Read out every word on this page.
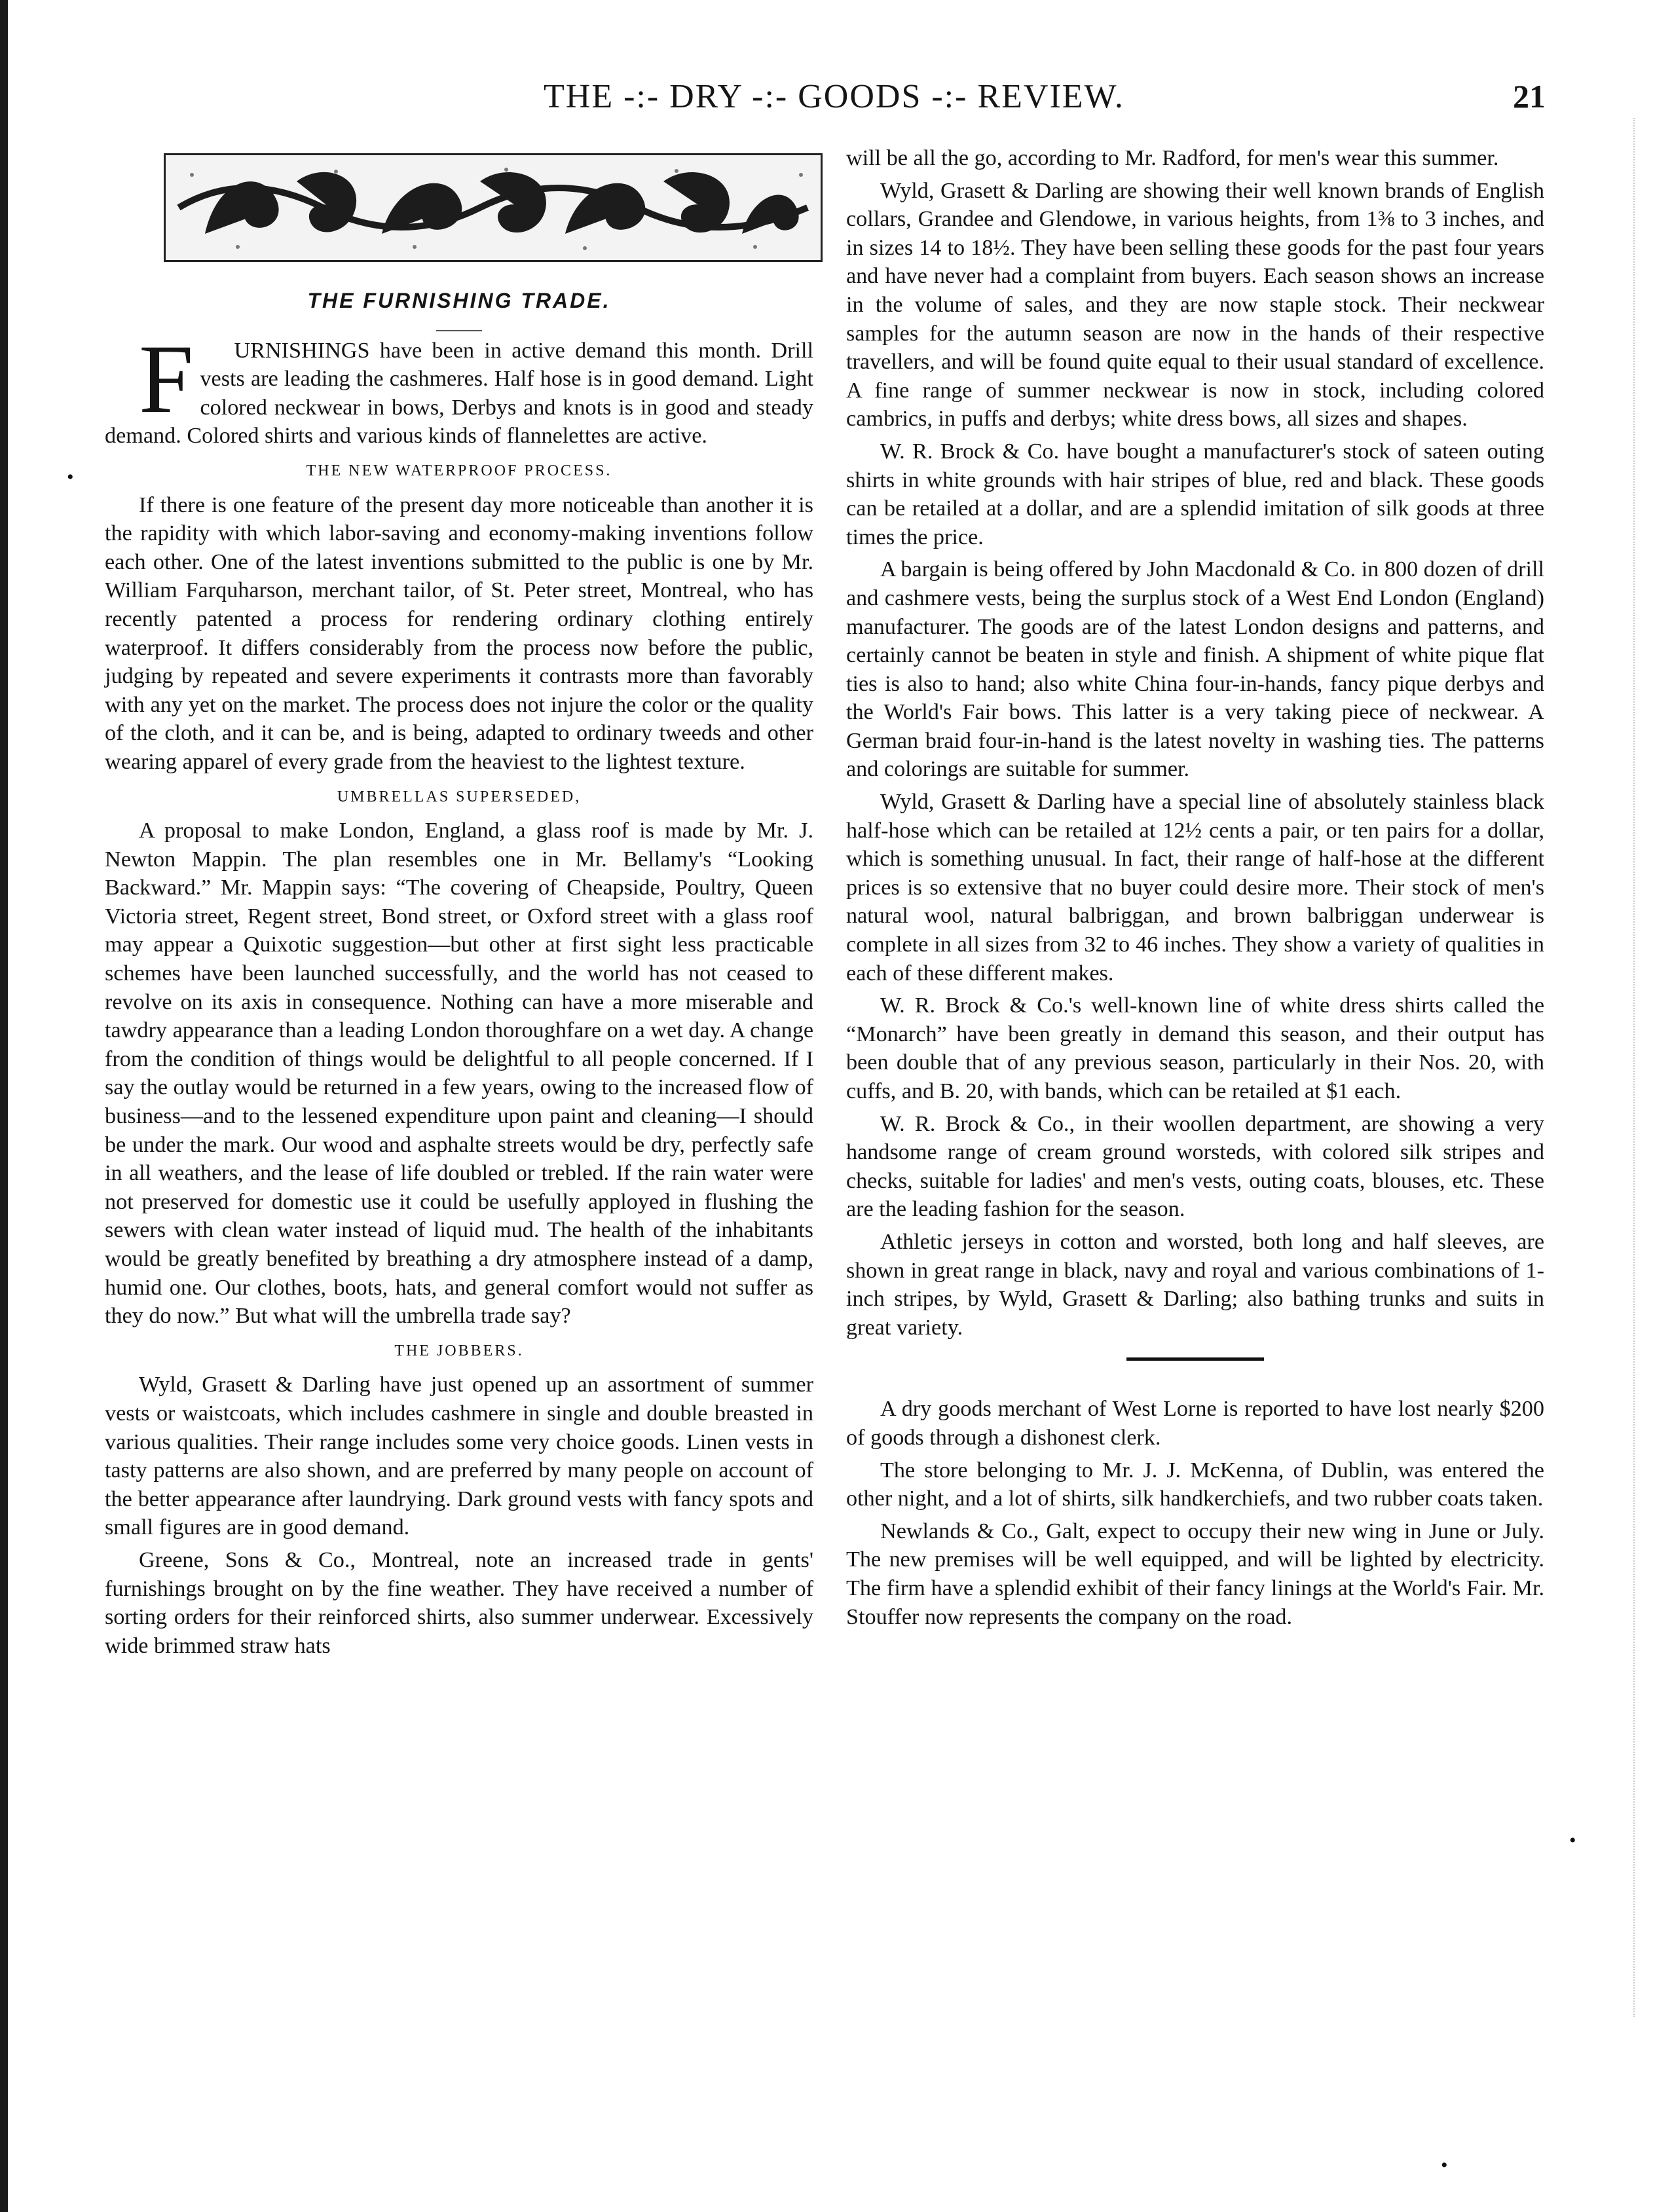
THE -:- DRY -:- GOODS -:- REVIEW.	21
THE FURNISHING TRADE.

F URNISHINGS have been in active demand this month. Drill vests are leading the cashmeres. Half hose is in good demand. Light colored neckwear in bows, Derbys and knots is in good and steady demand. Colored shirts and various kinds of flannelettes are active.

THE NEW WATERPROOF PROCESS.

If there is one feature of the present day more noticeable than another it is the rapidity with which labor-saving and economy-making inventions follow each other. One of the latest inventions submitted to the public is one by Mr. William Farquharson, merchant tailor, of St. Peter street, Montreal, who has recently patented a process for rendering ordinary clothing entirely waterproof. It differs considerably from the process now before the public, judging by repeated and severe experiments it contrasts more than favorably with any yet on the market. The process does not injure the color or the quality of the cloth, and it can be, and is being, adapted to ordinary tweeds and other wearing apparel of every grade from the heaviest to the lightest texture.

UMBRELLAS SUPERSEDED,

A proposal to make London, England, a glass roof is made by Mr. J. Newton Mappin. The plan resembles one in Mr. Bellamy's “Looking Backward.” Mr. Mappin says: “The covering of Cheapside, Poultry, Queen Victoria street, Regent street, Bond street, or Oxford street with a glass roof may appear a Quixotic suggestion—but other at first sight less practicable schemes have been launched successfully, and the world has not ceased to revolve on its axis in consequence. Nothing can have a more miserable and tawdry appearance than a leading London thoroughfare on a wet day. A change from the condition of things would be delightful to all people concerned. If I say the outlay would be returned in a few years, owing to the increased flow of business—and to the lessened expenditure upon paint and cleaning—I should be under the mark. Our wood and asphalte streets would be dry, perfectly safe in all weathers, and the lease of life doubled or trebled. If the rain water were not preserved for domestic use it could be usefully apployed in flushing the sewers with clean water instead of liquid mud. The health of the inhabitants would be greatly benefited by breathing a dry atmosphere instead of a damp, humid one. Our clothes, boots, hats, and general comfort would not suffer as they do now.” But what will the umbrella trade say?

THE JOBBERS.

Wyld, Grasett & Darling have just opened up an assortment of summer vests or waistcoats, which includes cashmere in single and double breasted in various qualities. Their range includes some very choice goods. Linen vests in tasty patterns are also shown, and are preferred by many people on account of the better appearance after laundrying. Dark ground vests with fancy spots and small figures are in good demand.

Greene, Sons & Co., Montreal, note an increased trade in gents' furnishings brought on by the fine weather. They have received a number of sorting orders for their reinforced shirts, also summer underwear. Excessively wide brimmed straw hats

will be all the go, according to Mr. Radford, for men's wear this summer.

Wyld, Grasett & Darling are showing their well known brands of English collars, Grandee and Glendowe, in various heights, from 1⅜ to 3 inches, and in sizes 14 to 18½. They have been selling these goods for the past four years and have never had a complaint from buyers. Each season shows an increase in the volume of sales, and they are now staple stock. Their neckwear samples for the autumn season are now in the hands of their respective travellers, and will be found quite equal to their usual standard of excellence. A fine range of summer neckwear is now in stock, including colored cambrics, in puffs and derbys; white dress bows, all sizes and shapes.

W. R. Brock & Co. have bought a manufacturer's stock of sateen outing shirts in white grounds with hair stripes of blue, red and black. These goods can be retailed at a dollar, and are a splendid imitation of silk goods at three times the price.

A bargain is being offered by John Macdonald & Co. in 800 dozen of drill and cashmere vests, being the surplus stock of a West End London (England) manufacturer. The goods are of the latest London designs and patterns, and certainly cannot be beaten in style and finish. A shipment of white pique flat ties is also to hand; also white China four-in-hands, fancy pique derbys and the World's Fair bows. This latter is a very taking piece of neckwear. A German braid four-in-hand is the latest novelty in washing ties. The patterns and colorings are suitable for summer.

Wyld, Grasett & Darling have a special line of absolutely stainless black half-hose which can be retailed at 12½ cents a pair, or ten pairs for a dollar, which is something unusual. In fact, their range of half-hose at the different prices is so extensive that no buyer could desire more. Their stock of men's natural wool, natural balbriggan, and brown balbriggan underwear is complete in all sizes from 32 to 46 inches. They show a variety of qualities in each of these different makes.

W. R. Brock & Co.'s well-known line of white dress shirts called the “Monarch” have been greatly in demand this season, and their output has been double that of any previous season, particularly in their Nos. 20, with cuffs, and B. 20, with bands, which can be retailed at $1 each.

W. R. Brock & Co., in their woollen department, are showing a very handsome range of cream ground worsteds, with colored silk stripes and checks, suitable for ladies' and men's vests, outing coats, blouses, etc. These are the leading fashion for the season.

Athletic jerseys in cotton and worsted, both long and half sleeves, are shown in great range in black, navy and royal and various combinations of 1-inch stripes, by Wyld, Grasett & Darling; also bathing trunks and suits in great variety.

A dry goods merchant of West Lorne is reported to have lost nearly $200 of goods through a dishonest clerk.

The store belonging to Mr. J. J. McKenna, of Dublin, was entered the other night, and a lot of shirts, silk handkerchiefs, and two rubber coats taken.

Newlands & Co., Galt, expect to occupy their new wing in June or July. The new premises will be well equipped, and will be lighted by electricity. The firm have a splendid exhibit of their fancy linings at the World's Fair. Mr. Stouffer now represents the company on the road.

•
•
•
